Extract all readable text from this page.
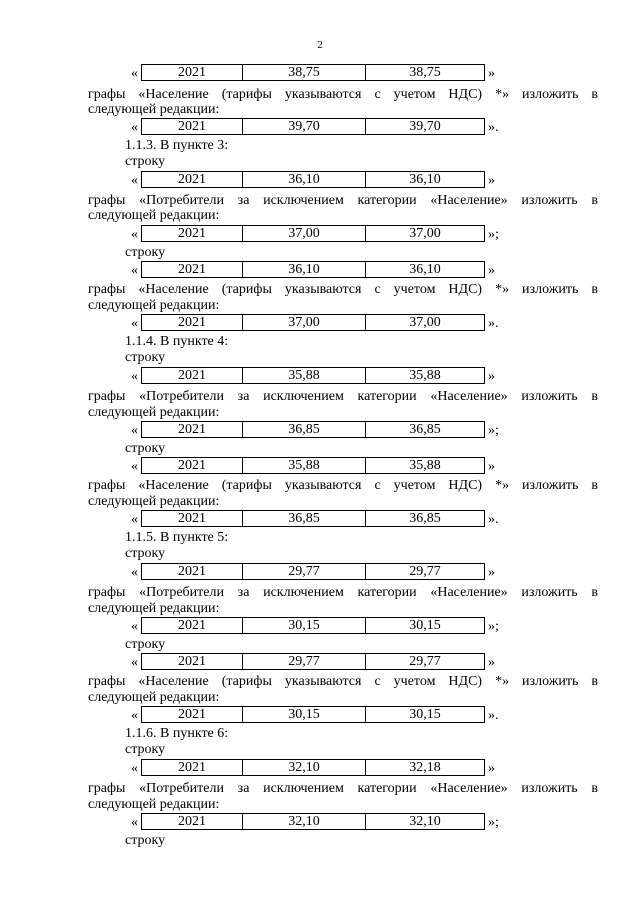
2
«	2021	38,75	38,75	»
графы «Население (тарифы указываются с учетом НДС) *» изложить в
следующей редакции:
«	2021	39,70	39,70	».
1.1.3. В пункте 3:
строку
«	2021	36,10	36,10	»
графы «Потребители за исключением категории «Население» изложить в
следующей редакции:
«	2021	37,00	37,00	»;
строку
«	2021	36,10	36,10	»
графы «Население (тарифы указываются с учетом НДС) *» изложить в
следующей редакции:
«	2021	37,00	37,00	».
1.1.4. В пункте 4:
строку
«	2021	35,88	35,88	»
графы «Потребители за исключением категории «Население» изложить в
следующей редакции:
«	2021	36,85	36,85	»;
строку
«	2021	35,88	35,88	»
графы «Население (тарифы указываются с учетом НДС) *» изложить в
следующей редакции:
«	2021	36,85	36,85	».
1.1.5. В пункте 5:
строку
«	2021	29,77	29,77	»
графы «Потребители за исключением категории «Население» изложить в
следующей редакции:
«	2021	30,15	30,15	»;
строку
«	2021	29,77	29,77	»
графы «Население (тарифы указываются с учетом НДС) *» изложить в
следующей редакции:
«	2021	30,15	30,15	».
1.1.6. В пункте 6:
строку
«	2021	32,10	32,18	»
графы «Потребители за исключением категории «Население» изложить в
следующей редакции:
«	2021	32,10	32,10	»;
строку
